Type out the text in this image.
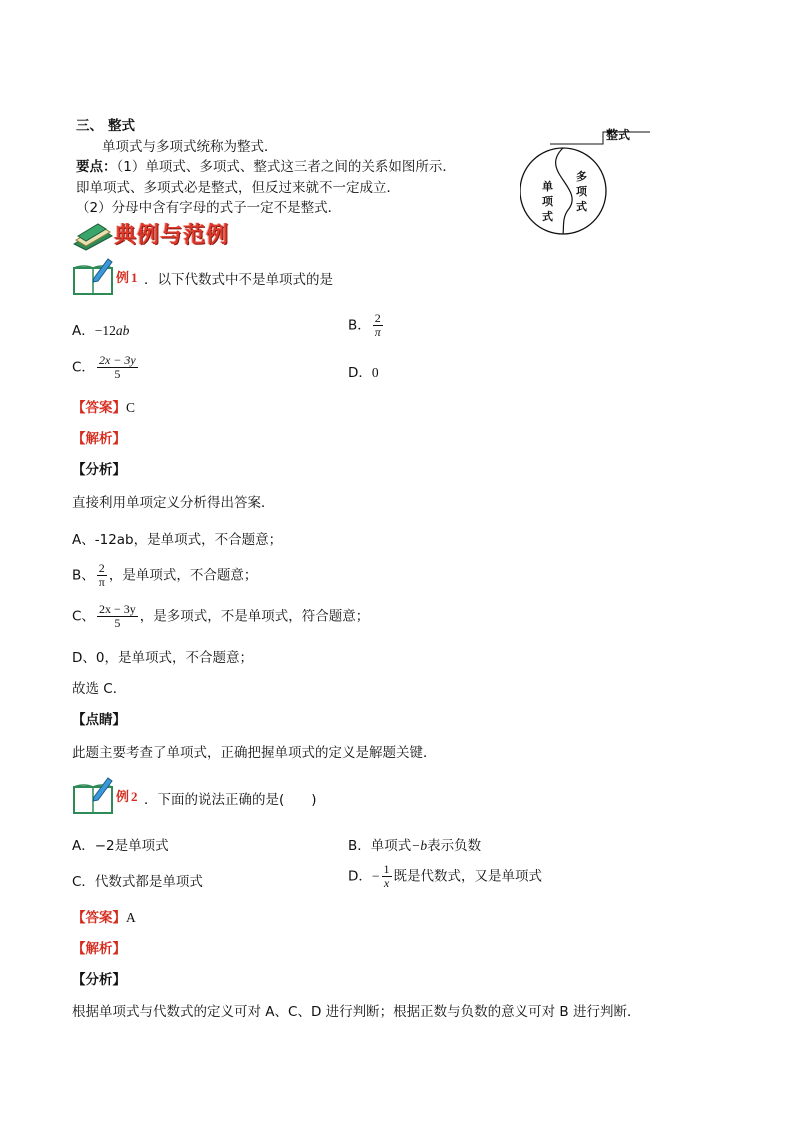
三、 整式
单项式与多项式统称为整式．
要点：（1）单项式、多项式、整式这三者之间的关系如图所示．
即单项式、多项式必是整式，但反过来就不一定成立．
（2）分母中含有字母的式子一定不是整式．
整式
单
项
式
多
项
式
典例与范例
例 1 ．以下代数式中不是单项式的是
A．−12ab	B． $\frac{2}{\pi}$
C． $\frac{2x - 3y}{5}$	D．0
【答案】C
【解析】
【分析】
直接利用单项定义分析得出答案．
A、-12ab，是单项式，不合题意；
B、 $\frac{2}{\pi}$ ，是单项式，不合题意；
C、 $\frac{2x - 3y}{5}$ ，是多项式，不是单项式，符合题意；
D、0，是单项式，不合题意；
故选 C．
【点睛】
此题主要考查了单项式，正确把握单项式的定义是解题关键．
例 2 ．下面的说法正确的是(　　)
A．−2是单项式	B．单项式−b表示负数
C．代数式都是单项式	D．− $\frac{1}{x}$ 既是代数式，又是单项式
【答案】A
【解析】
【分析】
根据单项式与代数式的定义可对 A、C、D 进行判断；根据正数与负数的意义可对 B 进行判断．
